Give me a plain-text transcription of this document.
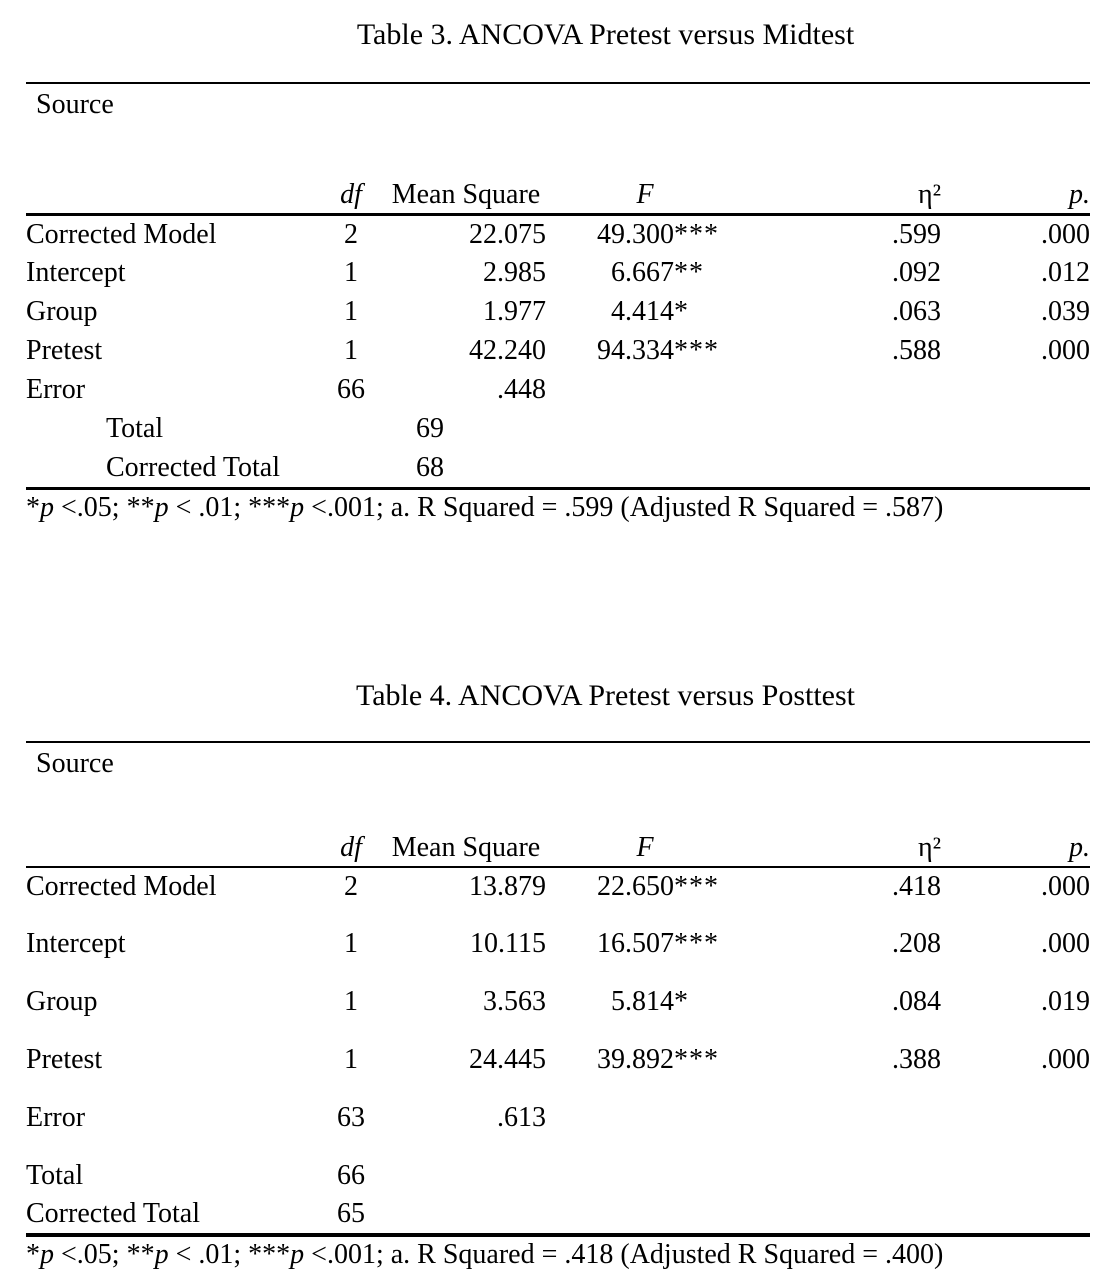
Table 3. ANCOVA Pretest versus Midtest
Source						
	df	Mean Square	F		η²	p.
Corrected Model	2	22.075	49.300	***	.599	.000
Intercept	1	2.985	6.667	**	.092	.012
Group	1	1.977	4.414	*	.063	.039
Pretest	1	42.240	94.334	***	.588	.000
Error	66	.448				
Total		69				
Corrected Total		68				
*p <.05; **p < .01; ***p <.001; a. R Squared = .599 (Adjusted R Squared = .587)
Table 4. ANCOVA Pretest versus Posttest
Source						
	df	Mean Square	F		η²	p.
Corrected Model	2	13.879	22.650	***	.418	.000
Intercept	1	10.115	16.507	***	.208	.000
Group	1	3.563	5.814	*	.084	.019
Pretest	1	24.445	39.892	***	.388	.000
Error	63	.613				
Total	66					
Corrected Total	65					
*p <.05; **p < .01; ***p <.001; a. R Squared = .418 (Adjusted R Squared = .400)
